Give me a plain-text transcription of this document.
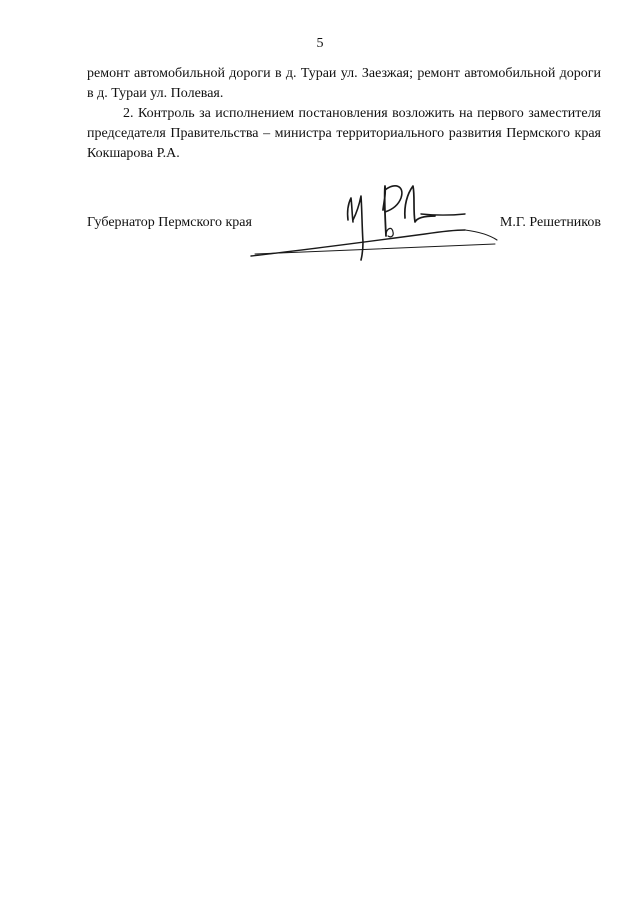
5

ремонт автомобильной дороги в д. Тураи ул. Заезжая; ремонт автомобильной дороги в д. Тураи ул. Полевая.

2. Контроль за исполнением постановления возложить на первого заместителя председателя Правительства – министра территориального развития Пермского края Кокшарова Р.А.

Губернатор Пермского края	М.Г. Решетников
